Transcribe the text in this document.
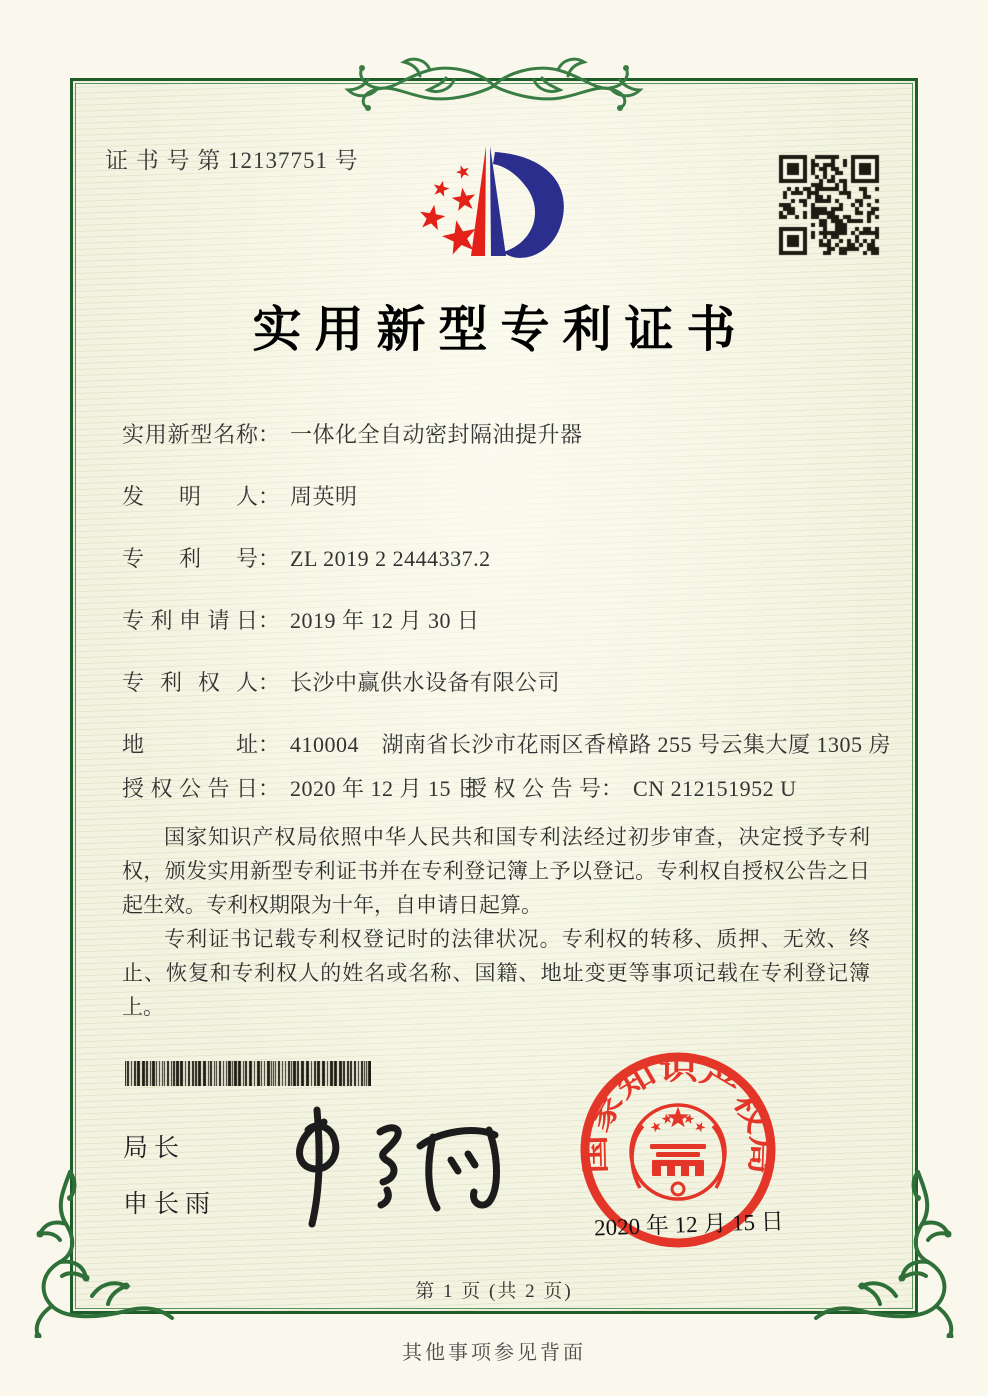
证 书 号 第 12137751 号
实用新型专利证书
实用新型名称： 一体化全自动密封隔油提升器
发明人： 周英明
专利号： ZL 2019 2 2444337.2
专利申请日： 2019 年 12 月 30 日
专利权人： 长沙中赢供水设备有限公司
地址： 410004　湖南省长沙市花雨区香樟路 255 号云集大厦 1305 房
授权公告日： 2020 年 12 月 15 日
授权公告号： CN 212151952 U

国家知识产权局依照中华人民共和国专利法经过初步审查，决定授予专利权，颁发实用新型专利证书并在专利登记簿上予以登记。专利权自授权公告之日起生效。专利权期限为十年，自申请日起算。

专利证书记载专利权登记时的法律状况。专利权的转移、质押、无效、终止、恢复和专利权人的姓名或名称、国籍、地址变更等事项记载在专利登记簿上。

局长
申长雨
国家知识产权局
2020 年 12 月 15 日
第 1 页 (共 2 页)
其他事项参见背面
